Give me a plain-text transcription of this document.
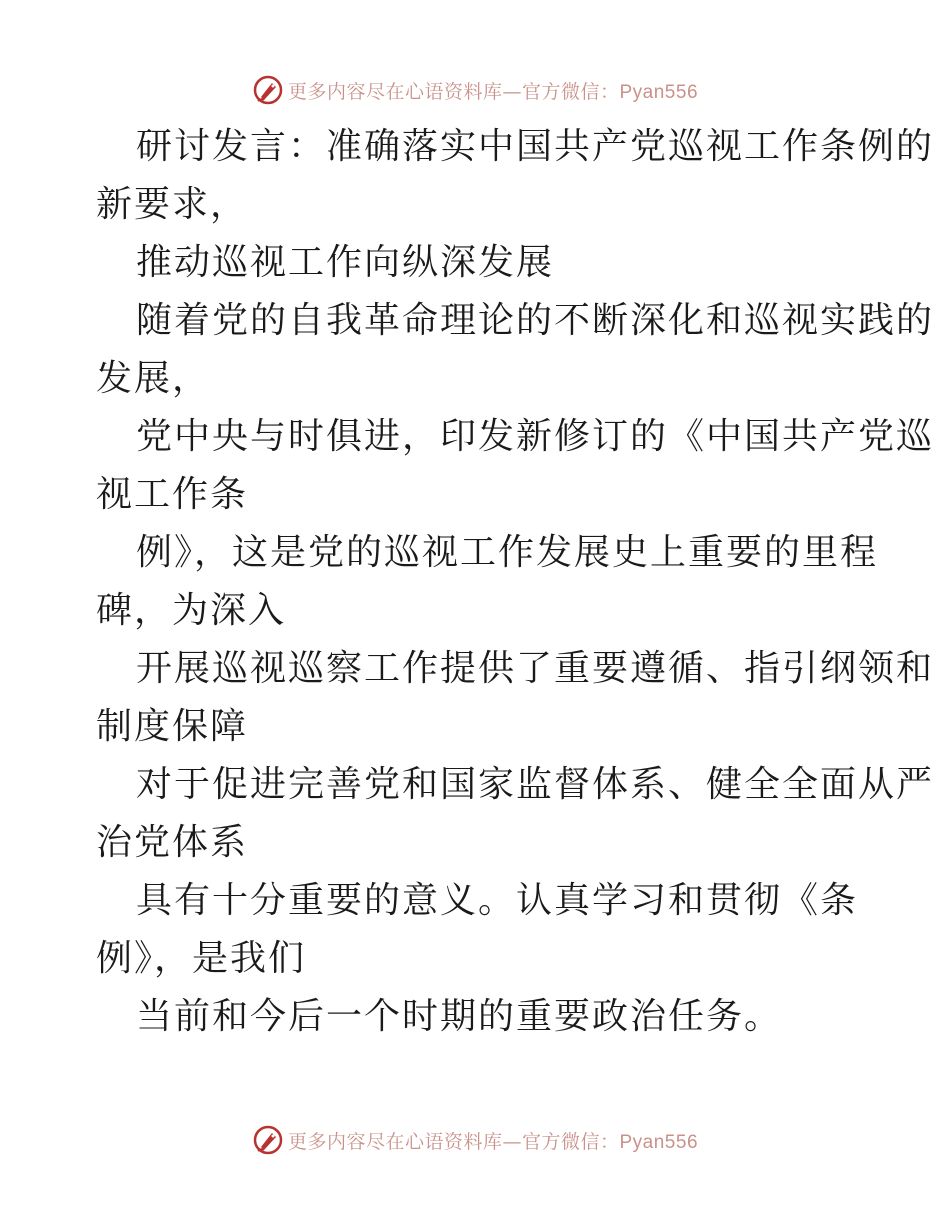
更多内容尽在心语资料库—官方微信：Pyan556
研讨发言：准确落实中国共产党巡视工作条例的
新要求，
推动巡视工作向纵深发展
随着党的自我革命理论的不断深化和巡视实践的
发展，
党中央与时俱进，印发新修订的《中国共产党巡
视工作条
例》，这是党的巡视工作发展史上重要的里程
碑，为深入
开展巡视巡察工作提供了重要遵循、指引纲领和
制度保障
对于促进完善党和国家监督体系、健全全面从严
治党体系
具有十分重要的意义。认真学习和贯彻《条
例》，是我们
当前和今后一个时期的重要政治任务。
更多内容尽在心语资料库—官方微信：Pyan556
